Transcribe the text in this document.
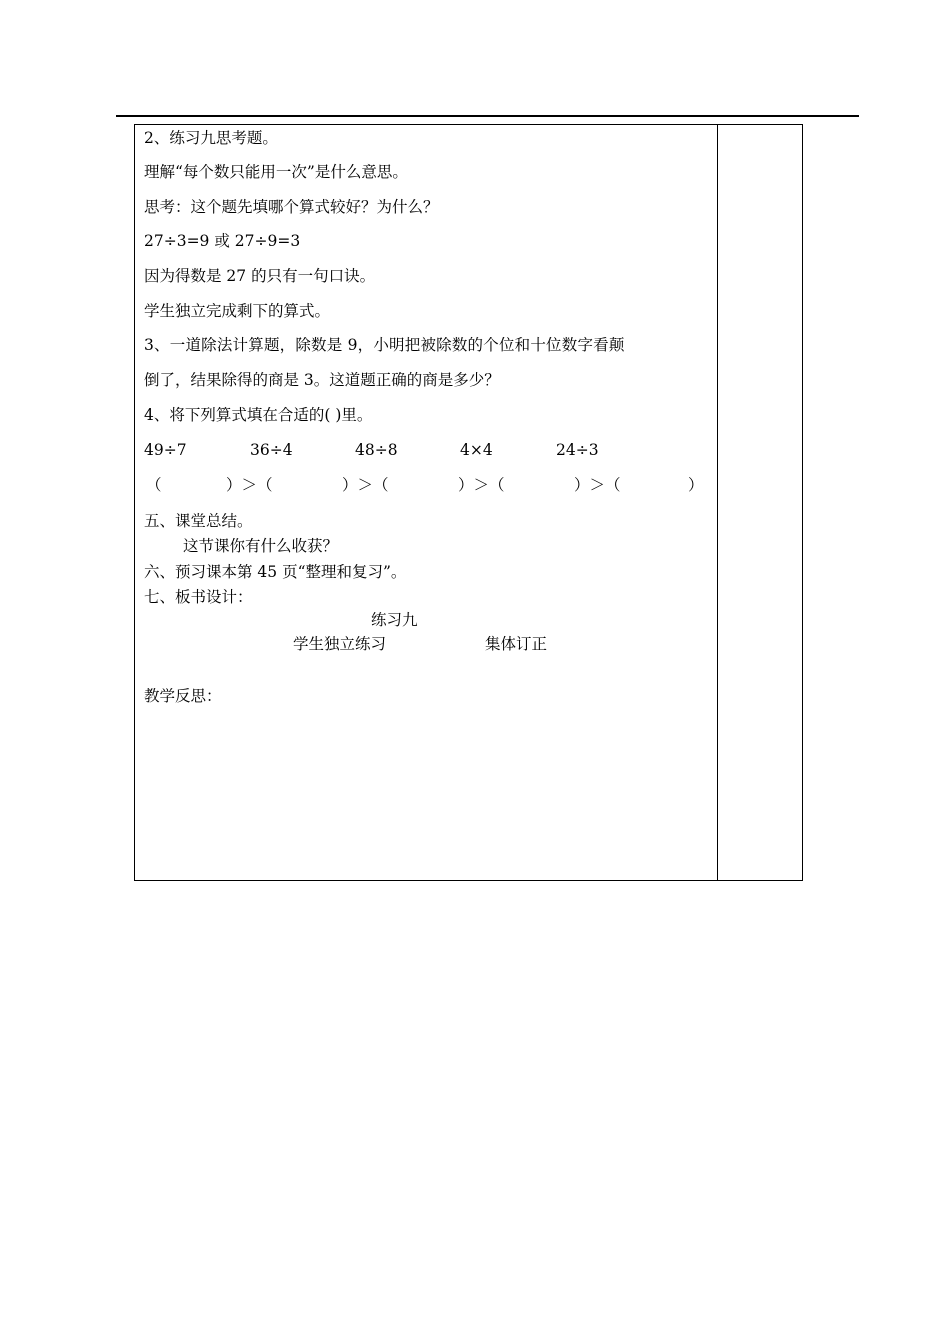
2、练习九思考题。
理解“每个数只能用一次”是什么意思。
思考：这个题先填哪个算式较好？为什么？
27÷3=9 或 27÷9=3
因为得数是 27 的只有一句口诀。
学生独立完成剩下的算式。
3、一道除法计算题，除数是 9，小明把被除数的个位和十位数字看颠
倒了，结果除得的商是 3。这道题正确的商是多少？
4、将下列算式填在合适的( )里。
49÷7	36÷4	48÷8	4×4	24÷3
（	）＞（	）＞（	）＞（	）＞（	）
五、课堂总结。
这节课你有什么收获？
六、预习课本第 45 页“整理和复习”。
七、板书设计：
练习九
学生独立练习	集体订正
教学反思：
